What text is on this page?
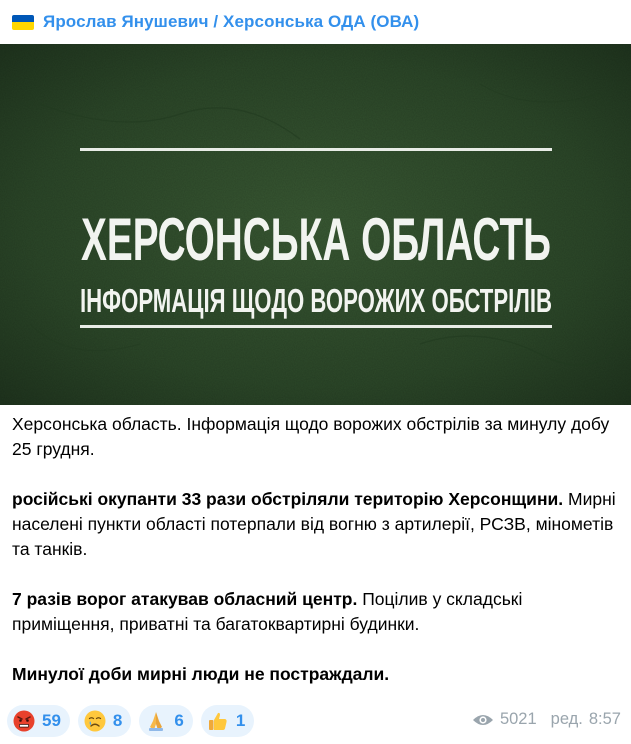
Ярослав Янушевич / Херсонська ОДА (ОВА)
ХЕРСОНСЬКА ОБЛАСТЬ
ІНФОРМАЦІЯ ЩОДО ВОРОЖИХ ОБСТРІЛІВ

Херсонська область. Інформація щодо ворожих обстрілів за минулу добу 25 грудня.

російські окупанти 33 рази обстріляли територію Херсонщини. Мирні населені пункти області потерпали від вогню з артилерії, РСЗВ, мінометів та танків.

7 разів ворог атакував обласний центр. Поцілив у складські приміщення, приватні та багатоквартирні будинки.

Минулої доби мирні люди не постраждали.

59	8	6	1	5021 ред. 8:57
